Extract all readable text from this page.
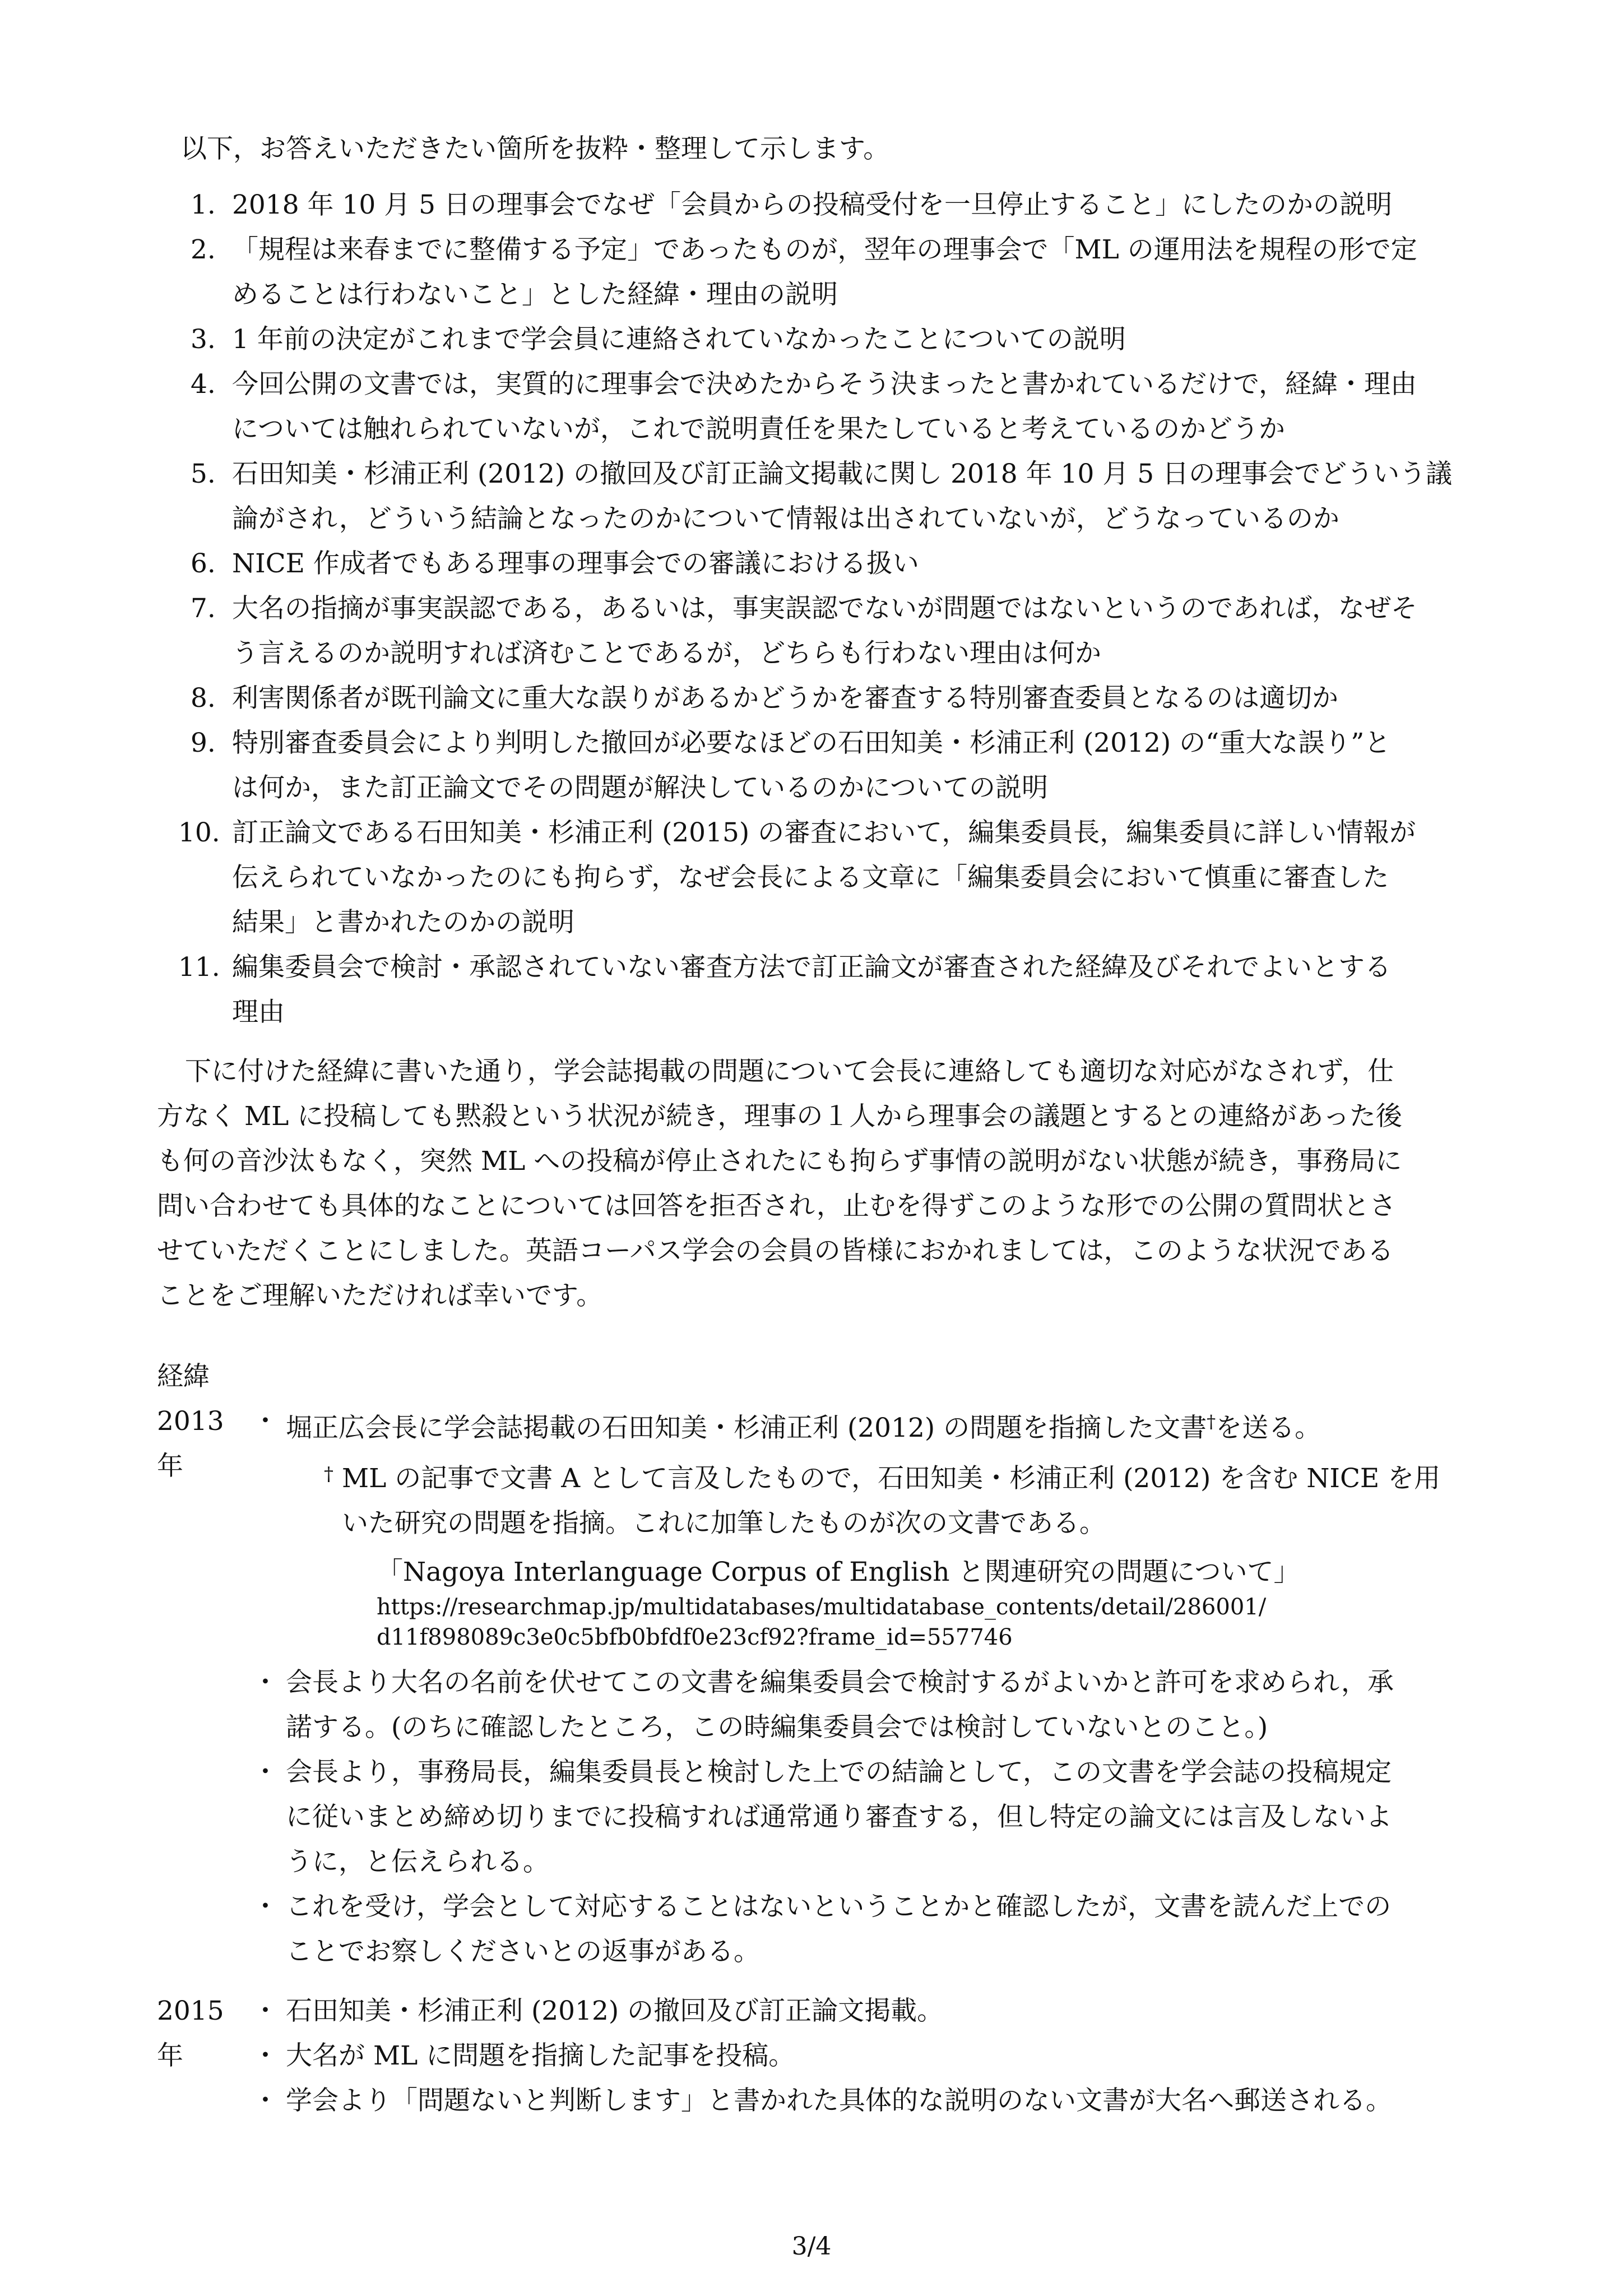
以下，お答えいただきたい箇所を抜粋・整理して示します。
1. 2018 年 10 月 5 日の理事会でなぜ「会員からの投稿受付を一旦停止すること」にしたのかの説明
2. 「規程は来春までに整備する予定」であったものが，翌年の理事会で「ML の運用法を規程の形で定
めることは行わないこと」とした経緯・理由の説明
3. 1 年前の決定がこれまで学会員に連絡されていなかったことについての説明
4. 今回公開の文書では，実質的に理事会で決めたからそう決まったと書かれているだけで，経緯・理由
については触れられていないが，これで説明責任を果たしていると考えているのかどうか
5. 石田知美・杉浦正利 (2012) の撤回及び訂正論文掲載に関し 2018 年 10 月 5 日の理事会でどういう議
論がされ，どういう結論となったのかについて情報は出されていないが，どうなっているのか
6. NICE 作成者でもある理事の理事会での審議における扱い
7. 大名の指摘が事実誤認である，あるいは，事実誤認でないが問題ではないというのであれば，なぜそ
う言えるのか説明すれば済むことであるが，どちらも行わない理由は何か
8. 利害関係者が既刊論文に重大な誤りがあるかどうかを審査する特別審査委員となるのは適切か
9. 特別審査委員会により判明した撤回が必要なほどの石田知美・杉浦正利 (2012) の“重大な誤り”と
は何か，また訂正論文でその問題が解決しているのかについての説明
10. 訂正論文である石田知美・杉浦正利 (2015) の審査において，編集委員長，編集委員に詳しい情報が
伝えられていなかったのにも拘らず，なぜ会長による文章に「編集委員会において慎重に審査した
結果」と書かれたのかの説明
11. 編集委員会で検討・承認されていない審査方法で訂正論文が審査された経緯及びそれでよいとする
理由
下に付けた経緯に書いた通り，学会誌掲載の問題について会長に連絡しても適切な対応がなされず，仕
方なく ML に投稿しても黙殺という状況が続き，理事の１人から理事会の議題とするとの連絡があった後
も何の音沙汰もなく，突然 ML への投稿が停止されたにも拘らず事情の説明がない状態が続き，事務局に
問い合わせても具体的なことについては回答を拒否され，止むを得ずこのような形での公開の質問状とさ
せていただくことにしました。英語コーパス学会の会員の皆様におかれましては，このような状況である
ことをご理解いただければ幸いです。
経緯
2013 年
・ 堀正広会長に学会誌掲載の石田知美・杉浦正利 (2012) の問題を指摘した文書†を送る。
† ML の記事で文書 A として言及したもので，石田知美・杉浦正利 (2012) を含む NICE を用
いた研究の問題を指摘。これに加筆したものが次の文書である。
「Nagoya Interlanguage Corpus of English と関連研究の問題について」
https://researchmap.jp/multidatabases/multidatabase_contents/detail/286001/
d11f898089c3e0c5bfb0bfdf0e23cf92?frame_id=557746
・ 会長より大名の名前を伏せてこの文書を編集委員会で検討するがよいかと許可を求められ，承
諾する。(のちに確認したところ，この時編集委員会では検討していないとのこと。)
・ 会長より，事務局長，編集委員長と検討した上での結論として，この文書を学会誌の投稿規定
に従いまとめ締め切りまでに投稿すれば通常通り審査する，但し特定の論文には言及しないよ
うに，と伝えられる。
・ これを受け，学会として対応することはないということかと確認したが，文書を読んだ上での
ことでお察しくださいとの返事がある。
2015 年
・ 石田知美・杉浦正利 (2012) の撤回及び訂正論文掲載。
・ 大名が ML に問題を指摘した記事を投稿。
・ 学会より「問題ないと判断します」と書かれた具体的な説明のない文書が大名へ郵送される。
3/4
